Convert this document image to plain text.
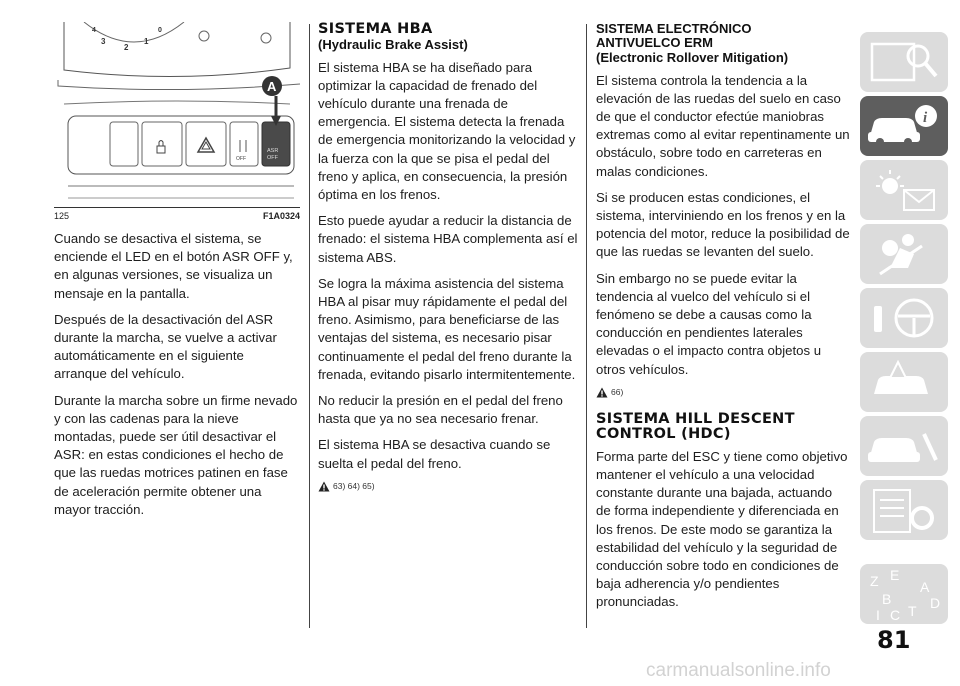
4
3
2
1
0
OFF
ASR
OFF
A
125	F1A0324

Cuando se desactiva el sistema, se enciende el LED en el botón ASR OFF y, en algunas versiones, se visualiza un mensaje en la pantalla.

Después de la desactivación del ASR durante la marcha, se vuelve a activar automáticamente en el siguiente arranque del vehículo.

Durante la marcha sobre un firme nevado y con las cadenas para la nieve montadas, puede ser útil desactivar el ASR: en estas condiciones el hecho de que las ruedas motrices patinen en fase de aceleración permite obtener una mayor tracción.

SISTEMA HBA
(Hydraulic Brake Assist)

El sistema HBA se ha diseñado para optimizar la capacidad de frenado del vehículo durante una frenada de emergencia. El sistema detecta la frenada de emergencia monitorizando la velocidad y la fuerza con la que se pisa el pedal del freno y aplica, en consecuencia, la presión óptima en los frenos.

Esto puede ayudar a reducir la distancia de frenado: el sistema HBA complementa así el sistema ABS.

Se logra la máxima asistencia del sistema HBA al pisar muy rápidamente el pedal del freno. Asimismo, para beneficiarse de las ventajas del sistema, es necesario pisar continuamente el pedal del freno durante la frenada, evitando pisarlo intermitentemente.

No reducir la presión en el pedal del freno hasta que ya no sea necesario frenar.

El sistema HBA se desactiva cuando se suelta el pedal del freno.

63) 64) 65)
SISTEMA ELECTRÓNICO
ANTIVUELCO ERM
(Electronic Rollover Mitigation)

El sistema controla la tendencia a la elevación de las ruedas del suelo en caso de que el conductor efectúe maniobras extremas como al evitar repentinamente un obstáculo, sobre todo en carreteras en malas condiciones.

Si se producen estas condiciones, el sistema, interviniendo en los frenos y en la potencia del motor, reduce la posibilidad de que las ruedas se levanten del suelo.

Sin embargo no se puede evitar la tendencia al vuelco del vehículo si el fenómeno se debe a causas como la conducción en pendientes laterales elevadas o el impacto contra objetos u otros vehículos.

66)
SISTEMA HILL DESCENT
CONTROL (HDC)

Forma parte del ESC y tiene como objetivo mantener el vehículo a una velocidad constante durante una bajada, actuando de forma independiente y diferenciada en los frenos. De este modo se garantiza la estabilidad del vehículo y la seguridad de conducción sobre todo en condiciones de baja adherencia y/o pendientes pronunciadas.

i
Z E
A
B
I C T D
81
carmanualsonline.info
